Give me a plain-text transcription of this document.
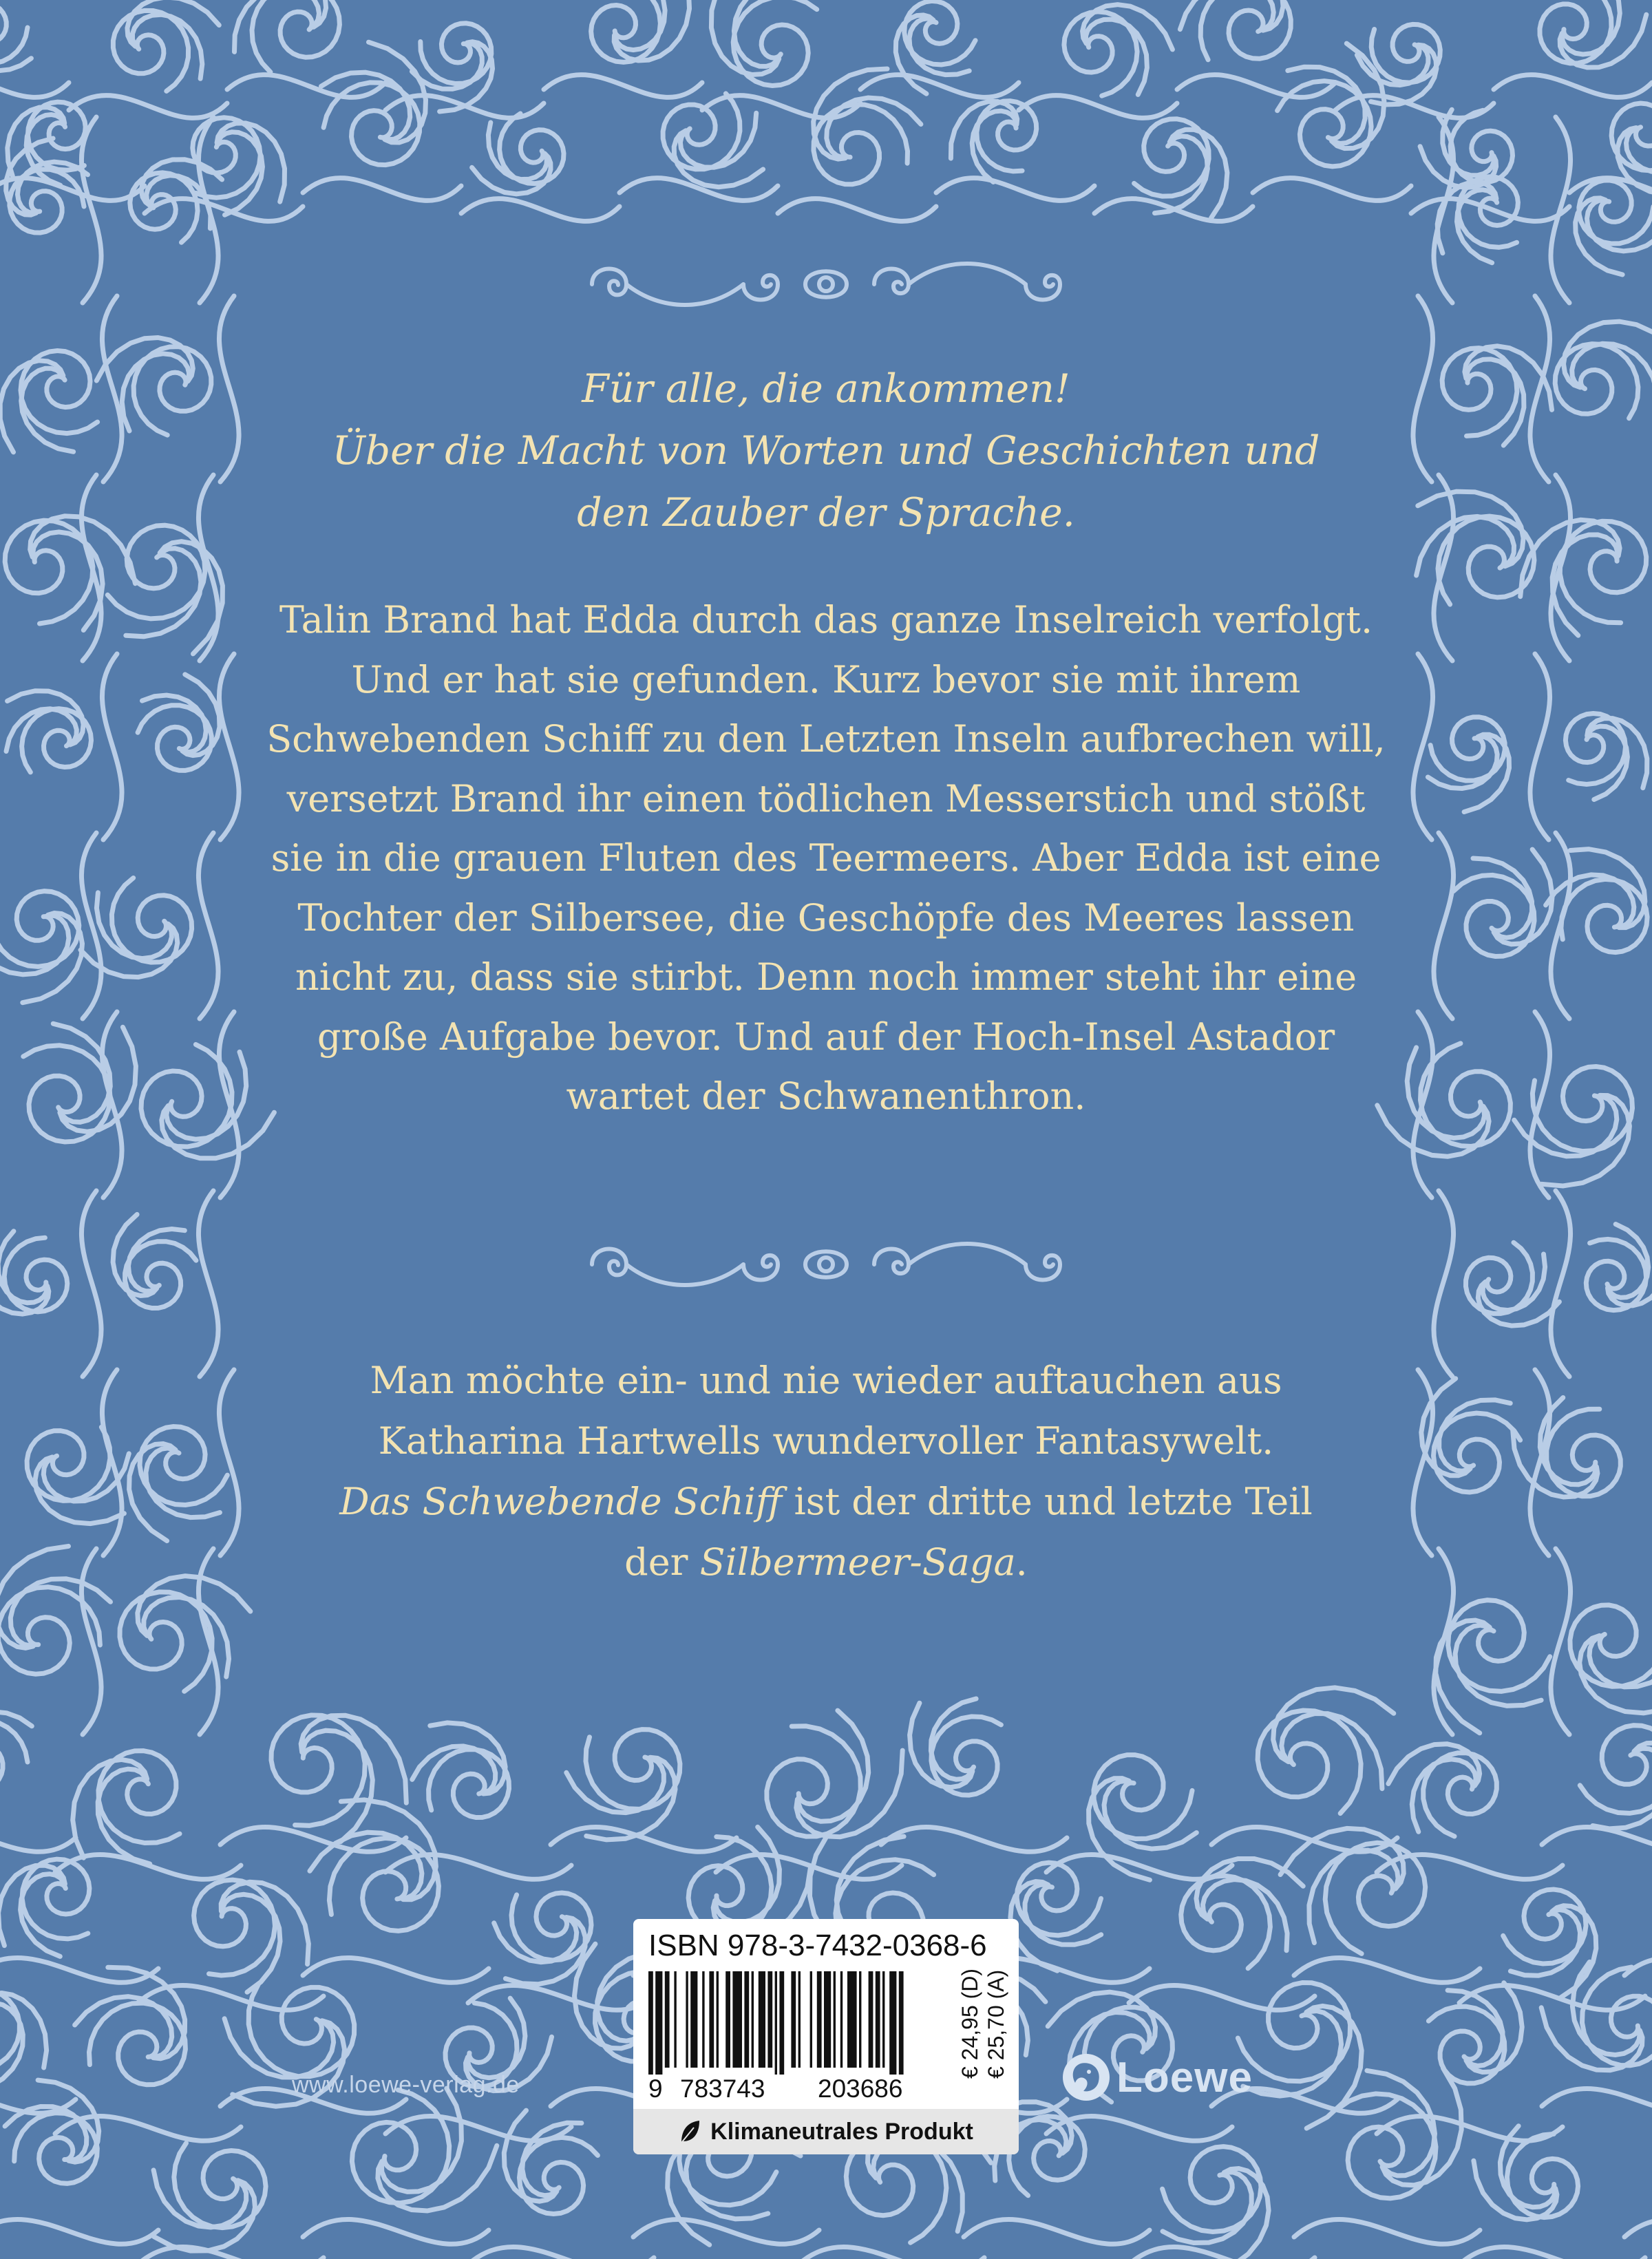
Für alle, die ankommen!
Über die Macht von Worten und Geschichten und
den Zauber der Sprache.
Talin Brand hat Edda durch das ganze Inselreich verfolgt.
Und er hat sie gefunden. Kurz bevor sie mit ihrem
Schwebenden Schiff zu den Letzten Inseln aufbrechen will,
versetzt Brand ihr einen tödlichen Messerstich und stößt
sie in die grauen Fluten des Teermeers. Aber Edda ist eine
Tochter der Silbersee, die Geschöpfe des Meeres lassen
nicht zu, dass sie stirbt. Denn noch immer steht ihr eine
große Aufgabe bevor. Und auf der Hoch-Insel Astador
wartet der Schwanenthron.
Man möchte ein- und nie wieder auftauchen aus
Katharina Hartwells wundervoller Fantasywelt.
Das Schwebende Schiff ist der dritte und letzte Teil
der Silbermeer-Saga.
www.loewe-verlag.de
ISBN 978-3-7432-0368-6
9 783743 203686
€ 24,95 (D) € 25,70 (A)
Klimaneutrales Produkt
Loewe
